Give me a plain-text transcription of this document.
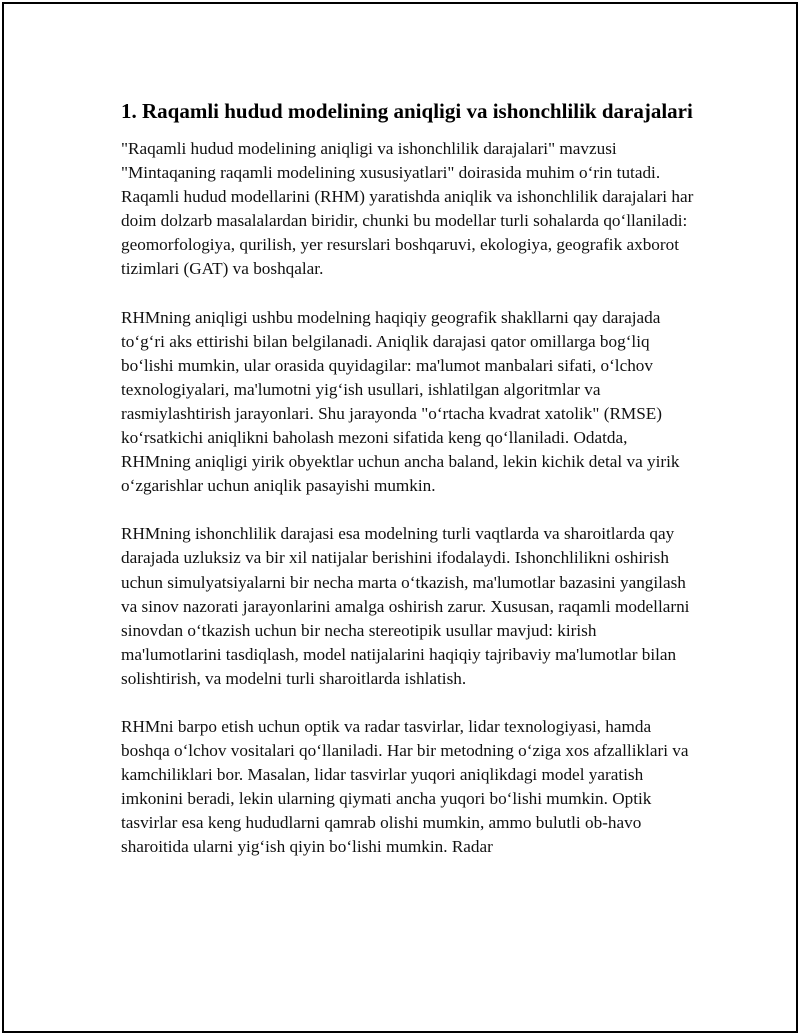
1. Raqamli hudud modelining aniqligi va ishonchlilik darajalari

"Raqamli hudud modelining aniqligi va ishonchlilik darajalari" mavzusi "Mintaqaning raqamli modelining xususiyatlari" doirasida muhim oʻrin tutadi. Raqamli hudud modellarini (RHM) yaratishda aniqlik va ishonchlilik darajalari har doim dolzarb masalalardan biridir, chunki bu modellar turli sohalarda qoʻllaniladi: geomorfologiya, qurilish, yer resurslari boshqaruvi, ekologiya, geografik axborot tizimlari (GAT) va boshqalar.

RHMning aniqligi ushbu modelning haqiqiy geografik shakllarni qay darajada toʻgʻri aks ettirishi bilan belgilanadi. Aniqlik darajasi qator omillarga bogʻliq boʻlishi mumkin, ular orasida quyidagilar: ma'lumot manbalari sifati, oʻlchov texnologiyalari, ma'lumotni yigʻish usullari, ishlatilgan algoritmlar va rasmiylashtirish jarayonlari. Shu jarayonda "oʻrtacha kvadrat xatolik" (RMSE) koʻrsatkichi aniqlikni baholash mezoni sifatida keng qoʻllaniladi. Odatda, RHMning aniqligi yirik obyektlar uchun ancha baland, lekin kichik detal va yirik oʻzgarishlar uchun aniqlik pasayishi mumkin.

RHMning ishonchlilik darajasi esa modelning turli vaqtlarda va sharoitlarda qay darajada uzluksiz va bir xil natijalar berishini ifodalaydi. Ishonchlilikni oshirish uchun simulyatsiyalarni bir necha marta oʻtkazish, ma'lumotlar bazasini yangilash va sinov nazorati jarayonlarini amalga oshirish zarur. Xususan, raqamli modellarni sinovdan oʻtkazish uchun bir necha stereotipik usullar mavjud: kirish ma'lumotlarini tasdiqlash, model natijalarini haqiqiy tajribaviy ma'lumotlar bilan solishtirish, va modelni turli sharoitlarda ishlatish.

RHMni barpo etish uchun optik va radar tasvirlar, lidar texnologiyasi, hamda boshqa oʻlchov vositalari qoʻllaniladi. Har bir metodning oʻziga xos afzalliklari va kamchiliklari bor. Masalan, lidar tasvirlar yuqori aniqlikdagi model yaratish imkonini beradi, lekin ularning qiymati ancha yuqori boʻlishi mumkin. Optik tasvirlar esa keng hududlarni qamrab olishi mumkin, ammo bulutli ob-havo sharoitida ularni yigʻish qiyin boʻlishi mumkin. Radar
